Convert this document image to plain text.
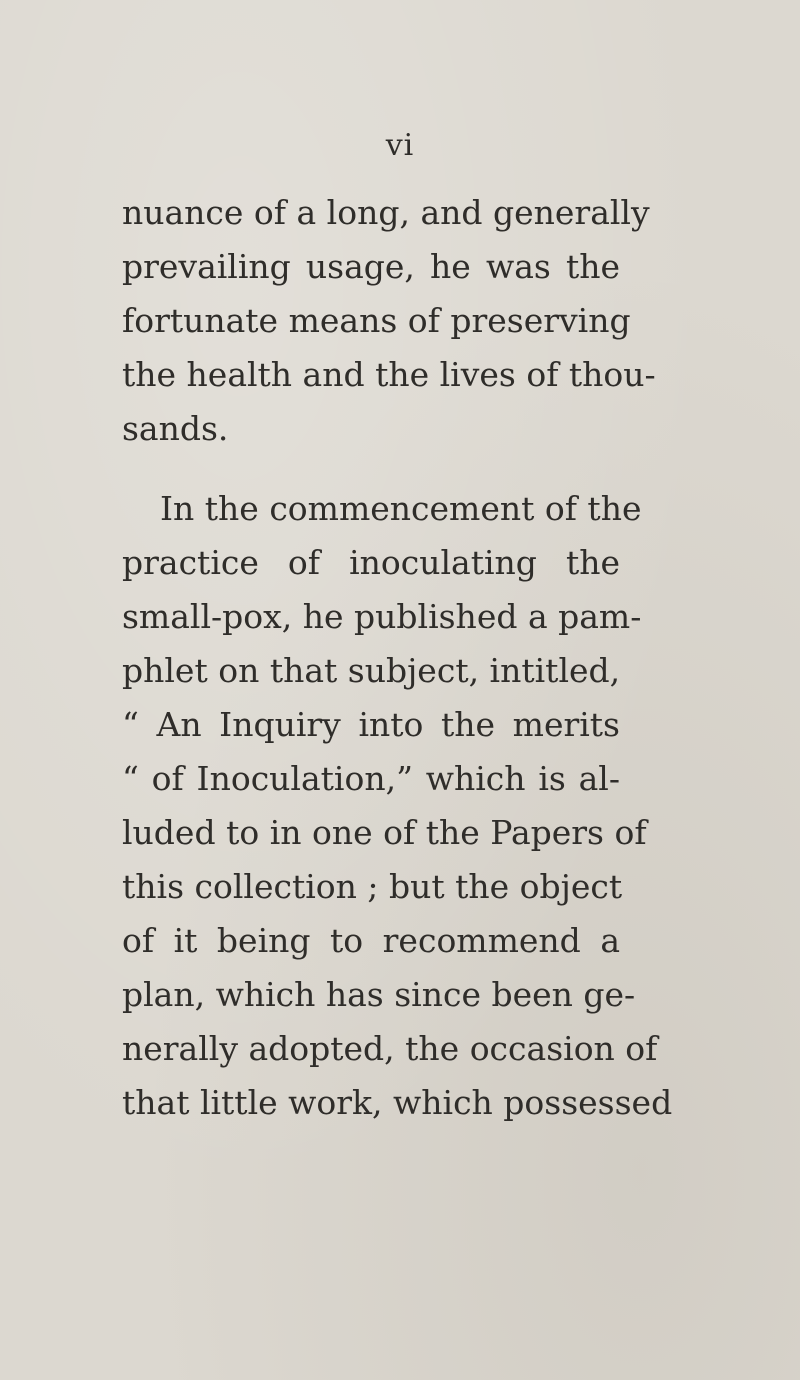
vi
nuance of a long, and generally
prevailing usage, he was the
fortunate means of preserving
the health and the lives of thou-
sands.
In the commencement of the
practice of inoculating the
small-pox, he published a pam-
phlet on that subject, intitled,
“ An Inquiry into the merits
“ of Inoculation,” which is al-
luded to in one of the Papers of
this collection ; but the object
of it being to recommend a
plan, which has since been ge-
nerally adopted, the occasion of
that little work, which possessed
